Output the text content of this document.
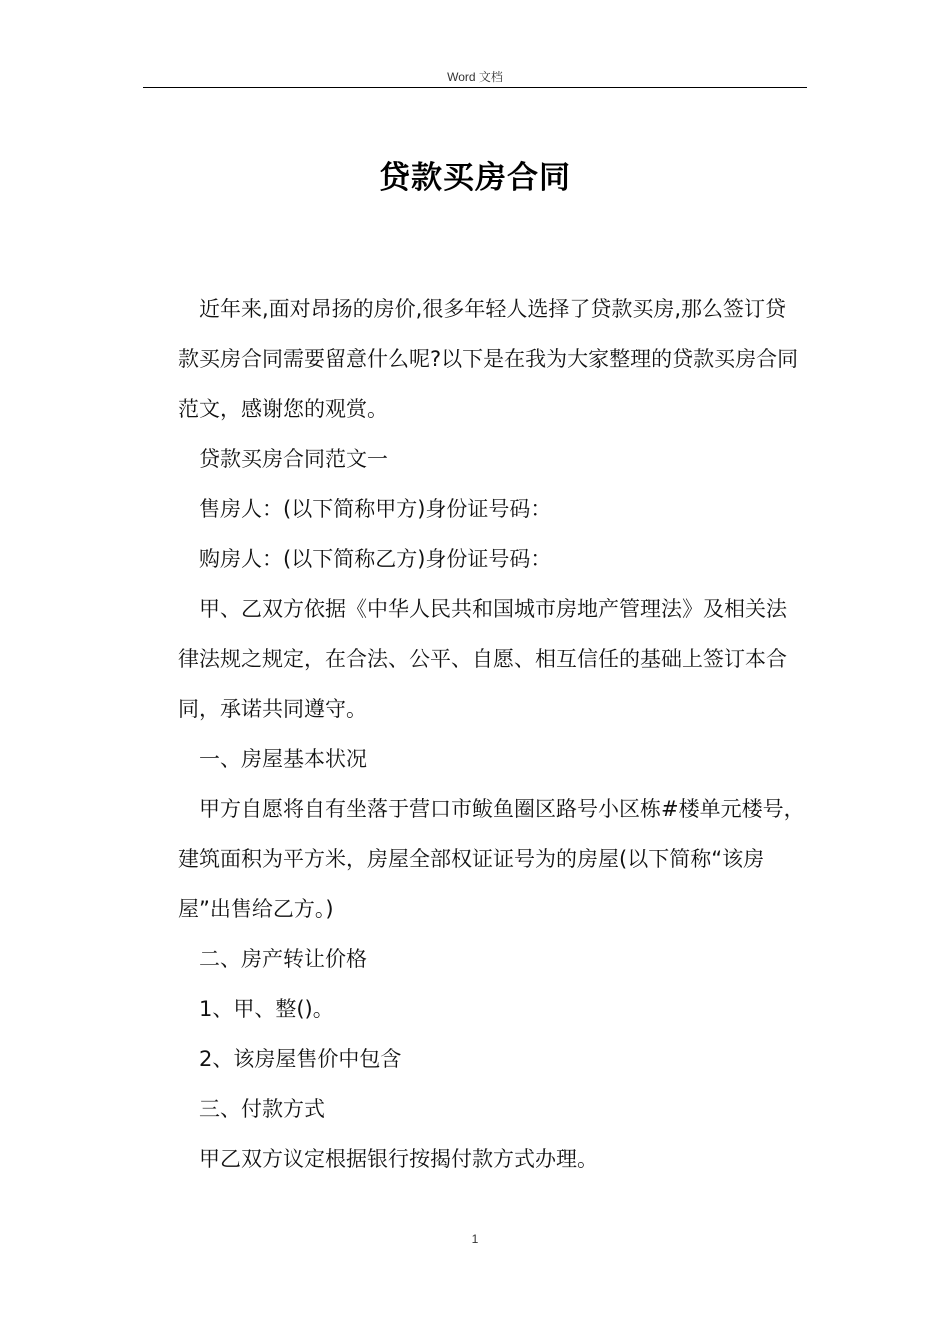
Word 文档
贷款买房合同

近年来,面对昂扬的房价,很多年轻人选择了贷款买房,那么签订贷款买房合同需要留意什么呢?以下是在我为大家整理的贷款买房合同范文，感谢您的观赏。

贷款买房合同范文一

售房人：(以下简称甲方)身份证号码：

购房人：(以下简称乙方)身份证号码：

甲、乙双方依据《中华人民共和国城市房地产管理法》及相关法律法规之规定，在合法、公平、自愿、相互信任的基础上签订本合同，承诺共同遵守。

一、房屋基本状况

甲方自愿将自有坐落于营口市鲅鱼圈区路号小区栋#楼单元楼号，建筑面积为平方米，房屋全部权证证号为的房屋(以下简称“该房屋”出售给乙方。)

二、房产转让价格

1、甲、整()。

2、该房屋售价中包含

三、付款方式

甲乙双方议定根据银行按揭付款方式办理。

1
